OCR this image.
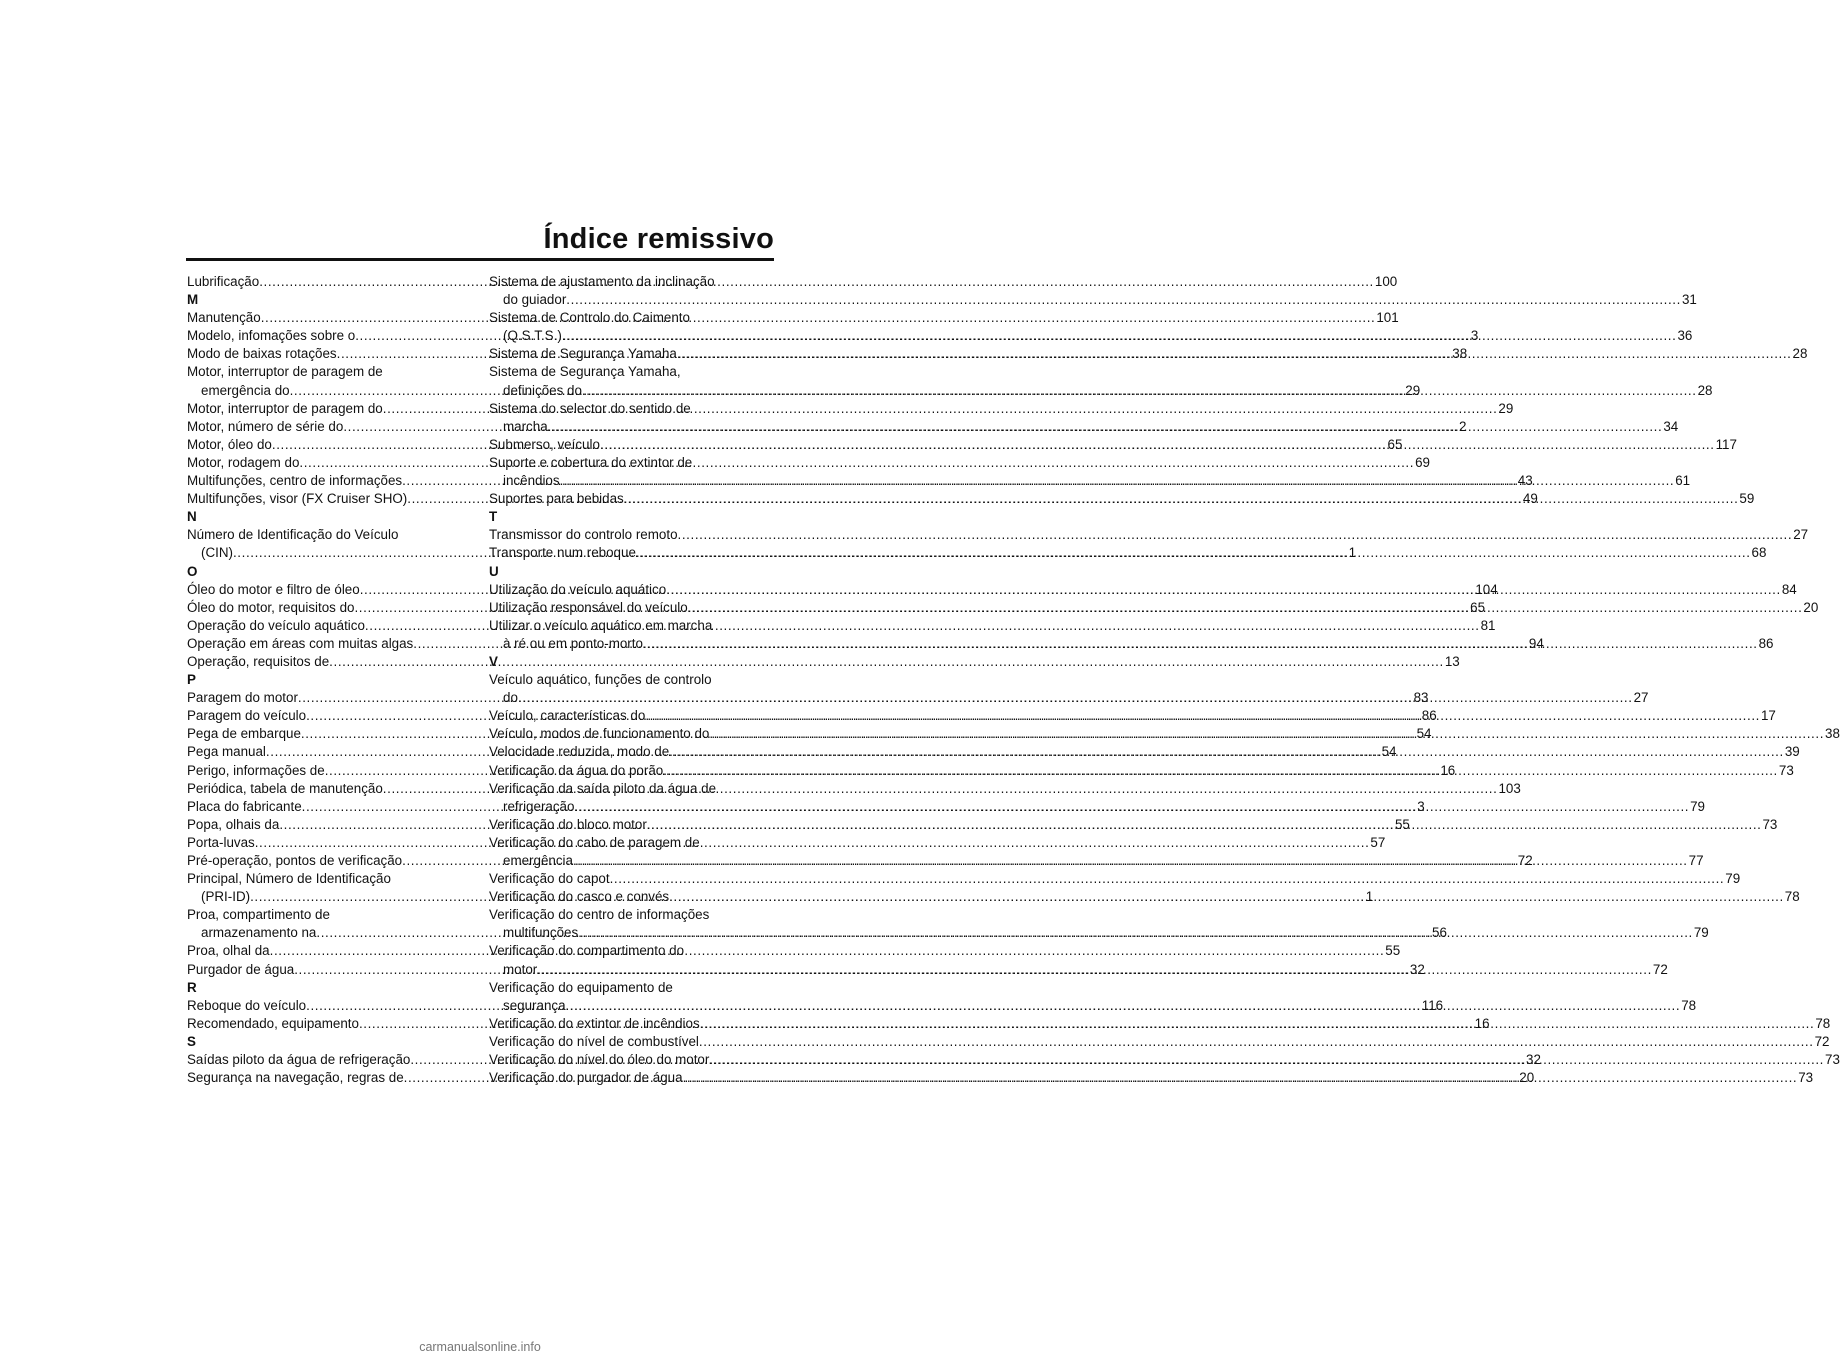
Índice remissivo
Lubrificação .....	100
M
Manutenção .....	101
Modelo, infomações sobre o .....	3
Modo de baixas rotações .....	38
Motor, interruptor de paragem de
emergência do .....	29
Motor, interruptor de paragem do .....	29
Motor, número de série do .....	2
Motor, óleo do .....	65
Motor, rodagem do .....	69
Multifunções, centro de informações .....	43
Multifunções, visor (FX Cruiser SHO) .....	49
N
Número de Identificação do Veículo
(CIN) .....	1
O
Óleo do motor e filtro de óleo .....	104
Óleo do motor, requisitos do .....	65
Operação do veículo aquático .....	81
Operação em áreas com muitas algas .....	94
Operação, requisitos de .....	13
P
Paragem do motor .....	83
Paragem do veículo .....	86
Pega de embarque .....	54
Pega manual .....	54
Perigo, informações de .....	16
Periódica, tabela de manutenção .....	103
Placa do fabricante .....	3
Popa, olhais da .....	55
Porta-luvas .....	57
Pré-operação, pontos de verificação .....	72
Principal, Número de Identificação
(PRI-ID) .....	1
Proa, compartimento de
armazenamento na .....	56
Proa, olhal da .....	55
Purgador de água .....	32
R
Reboque do veículo .....	116
Recomendado, equipamento .....	16
S
Saídas piloto da água de refrigeração .....	32
Segurança na navegação, regras de .....	20
Sistema de ajustamento da inclinação
do guiador .....	31
Sistema de Controlo do Caimento
(Q.S.T.S.) .....	36
Sistema de Segurança Yamaha .....	28
Sistema de Segurança Yamaha,
definições do .....	28
Sistema do selector do sentido de
marcha .....	34
Submerso, veículo .....	117
Suporte e cobertura do extintor de
incêndios .....	61
Suportes para bebidas .....	59
T
Transmissor do controlo remoto .....	27
Transporte num reboque .....	68
U
Utilização do veículo aquático .....	84
Utilização responsável do veículo .....	20
Utilizar o veículo aquático em marcha
à ré ou em ponto-morto .....	86
V
Veículo aquático, funções de controlo
do .....	27
Veículo, características do .....	17
Veículo, modos de funcionamento do .....	38
Velocidade reduzida, modo de .....	39
Verificação da água do porão .....	73
Verificação da saída piloto da água de
refrigeração .....	79
Verificação do bloco motor .....	73
Verificação do cabo de paragem de
emergência .....	77
Verificação do capot .....	79
Verificação do casco e convés .....	78
Verificação do centro de informações
multifunções .....	79
Verificação do compartimento do
motor .....	72
Verificação do equipamento de
segurança .....	78
Verificação do extintor de incêndios .....	78
Verificação do nível de combustível .....	72
Verificação do nível do óleo do motor .....	73
Verificação do purgador de água .....	73
carmanualsonline.info
